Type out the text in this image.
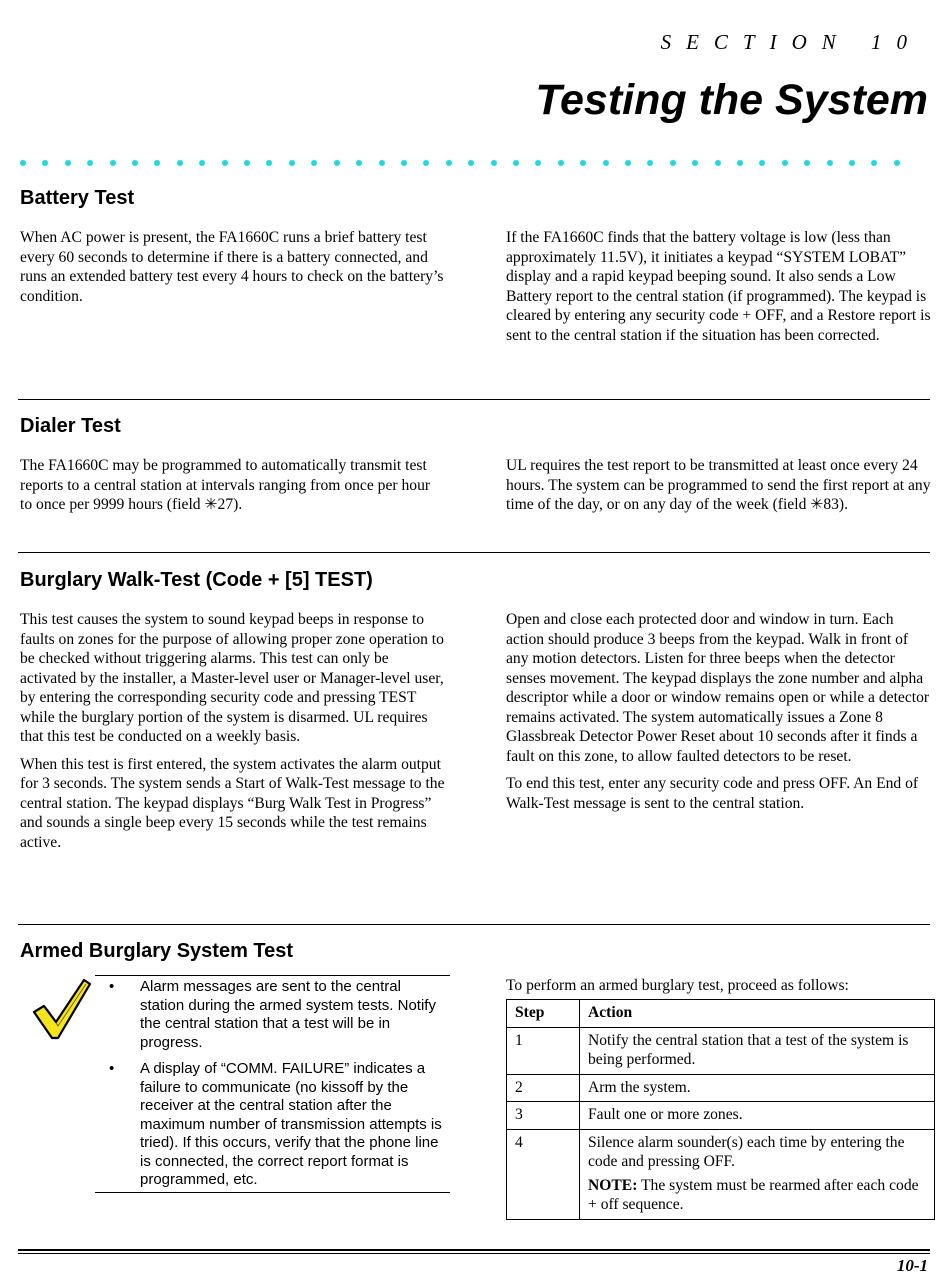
SECTION 10
Testing the System
Battery Test

When AC power is present, the FA1660C runs a brief battery test every 60 seconds to determine if there is a battery connected, and runs an extended battery test every 4 hours to check on the battery’s condition.

If the FA1660C finds that the battery voltage is low (less than approximately 11.5V), it initiates a keypad “SYSTEM LOBAT” display and a rapid keypad beeping sound. It also sends a Low Battery report to the central station (if programmed). The keypad is cleared by entering any security code + OFF, and a Restore report is sent to the central station if the situation has been corrected.

Dialer Test

The FA1660C may be programmed to automatically transmit test reports to a central station at intervals ranging from once per hour to once per 9999 hours (field ✳27).

UL requires the test report to be transmitted at least once every 24 hours. The system can be programmed to send the first report at any time of the day, or on any day of the week (field ✳83).

Burglary Walk-Test (Code + [5] TEST)

This test causes the system to sound keypad beeps in response to faults on zones for the purpose of allowing proper zone operation to be checked without triggering alarms. This test can only be activated by the installer, a Master-level user or Manager-level user, by entering the corresponding security code and pressing TEST while the burglary portion of the system is disarmed. UL requires that this test be conducted on a weekly basis.

When this test is first entered, the system activates the alarm output for 3 seconds. The system sends a Start of Walk-Test message to the central station. The keypad displays “Burg Walk Test in Progress” and sounds a single beep every 15 seconds while the test remains active.

Open and close each protected door and window in turn. Each action should produce 3 beeps from the keypad. Walk in front of any motion detectors. Listen for three beeps when the detector senses movement. The keypad displays the zone number and alpha descriptor while a door or window remains open or while a detector remains activated. The system automatically issues a Zone 8 Glassbreak Detector Power Reset about 10 seconds after it finds a fault on this zone, to allow faulted detectors to be reset.

To end this test, enter any security code and press OFF. An End of Walk-Test message is sent to the central station.

Armed Burglary System Test
• Alarm messages are sent to the central station during the armed system tests. Notify the central station that a test will be in progress.
• A display of “COMM. FAILURE” indicates a failure to communicate (no kissoff by the receiver at the central station after the maximum number of transmission attempts is tried). If this occurs, verify that the phone line is connected, the correct report format is programmed, etc.

To perform an armed burglary test, proceed as follows:

Step	Action
1	Notify the central station that a test of the system is being performed.
2	Arm the system.
3	Fault one or more zones.
4	Silence alarm sounder(s) each time by entering the code and pressing OFF.
NOTE: The system must be rearmed after each code + off sequence.
10-1
